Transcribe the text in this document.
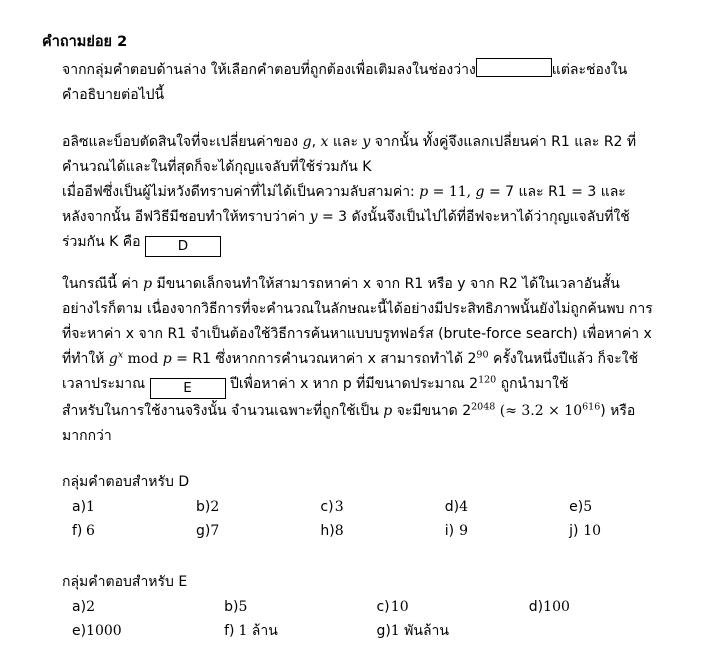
คำถามย่อย 2

จากกลุ่มคำตอบด้านล่าง ให้เลือกคำตอบที่ถูกต้องเพื่อเติมลงในช่องว่าง	แต่ละช่องใน

คำอธิบายต่อไปนี้

อลิซและบ็อบตัดสินใจที่จะเปลี่ยนค่าของ g, x และ y จากนั้น ทั้งคู่จึงแลกเปลี่ยนค่า R1 และ R2 ที่

คำนวณได้และในที่สุดก็จะได้กุญแจลับที่ใช้ร่วมกัน K

เมื่ออีฟซึ่งเป็นผู้ไม่หวังดีทราบค่าที่ไม่ได้เป็นความลับสามค่า: p = 11, g = 7 และ R1 = 3 และ

หลังจากนั้น อีฟวิธีมีชอบทำให้ทราบว่าค่า y = 3 ดังนั้นจึงเป็นไปได้ที่อีฟจะหาได้ว่ากุญแจลับที่ใช้

ร่วมกัน K คือ	D

ในกรณีนี้ ค่า p มีขนาดเล็กจนทำให้สามารถหาค่า x จาก R1 หรือ y จาก R2 ได้ในเวลาอันสั้น

อย่างไรก็ตาม เนื่องจากวิธีการที่จะคำนวณในลักษณะนี้ได้อย่างมีประสิทธิภาพนั้นยังไม่ถูกค้นพบ การ

ที่จะหาค่า x จาก R1 จำเป็นต้องใช้วิธีการค้นหาแบบบรูทฟอร์ส (brute-force search) เพื่อหาค่า x

ที่ทำให้ $g^x$ mod p = R1 ซึ่งหากการคำนวณหาค่า x สามารถทำได้ $2^{90}$ ครั้งในหนึ่งปีแล้ว ก็จะใช้

เวลาประมาณ	E	ปีเพื่อหาค่า x หาก p ที่มีขนาดประมาณ $2^{120}$ ถูกนำมาใช้

สำหรับในการใช้งานจริงนั้น จำนวนเฉพาะที่ถูกใช้เป็น p จะมีขนาด $2^{2048}$ (≈ $3.2 \times 10^{616}$) หรือ

มากกว่า

กลุ่มคำตอบสำหรับ D
a)	1	b)	2	c)	3	d)	4	e)	5
f)	6	g)	7	h)	8	i)	9	j)	10
กลุ่มคำตอบสำหรับ E
a)	2	b)	5	c)	10	d)	100
e)	1000	f)	1 ล้าน	g)	1 พันล้าน		
